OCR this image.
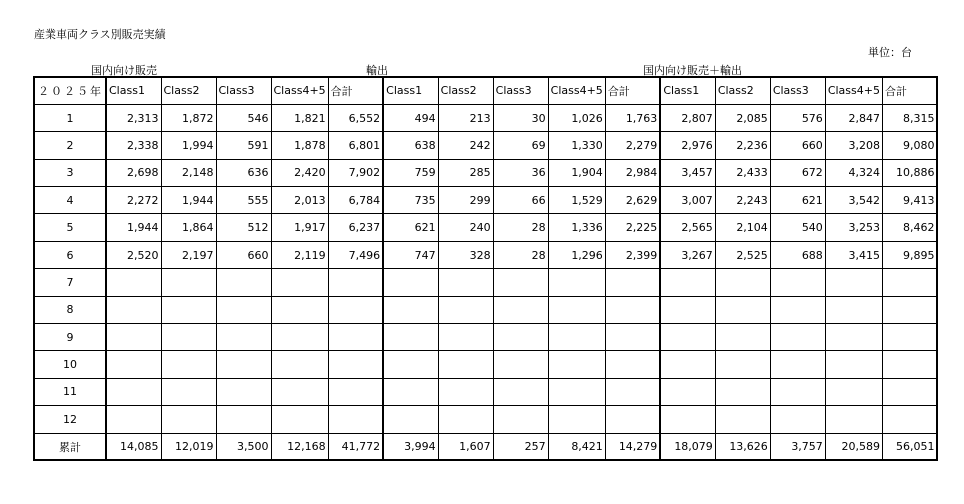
産業車両クラス別販売実績
単位：台
国内向け販売	輸出	国内向け販売＋輸出
２０２５年	Class1	Class2	Class3	Class4+5	合計	Class1	Class2	Class3	Class4+5	合計	Class1	Class2	Class3	Class4+5	合計
1	2,313	1,872	546	1,821	6,552	494	213	30	1,026	1,763	2,807	2,085	576	2,847	8,315
2	2,338	1,994	591	1,878	6,801	638	242	69	1,330	2,279	2,976	2,236	660	3,208	9,080
3	2,698	2,148	636	2,420	7,902	759	285	36	1,904	2,984	3,457	2,433	672	4,324	10,886
4	2,272	1,944	555	2,013	6,784	735	299	66	1,529	2,629	3,007	2,243	621	3,542	9,413
5	1,944	1,864	512	1,917	6,237	621	240	28	1,336	2,225	2,565	2,104	540	3,253	8,462
6	2,520	2,197	660	2,119	7,496	747	328	28	1,296	2,399	3,267	2,525	688	3,415	9,895
7															
8															
9															
10															
11															
12															
累計	14,085	12,019	3,500	12,168	41,772	3,994	1,607	257	8,421	14,279	18,079	13,626	3,757	20,589	56,051
